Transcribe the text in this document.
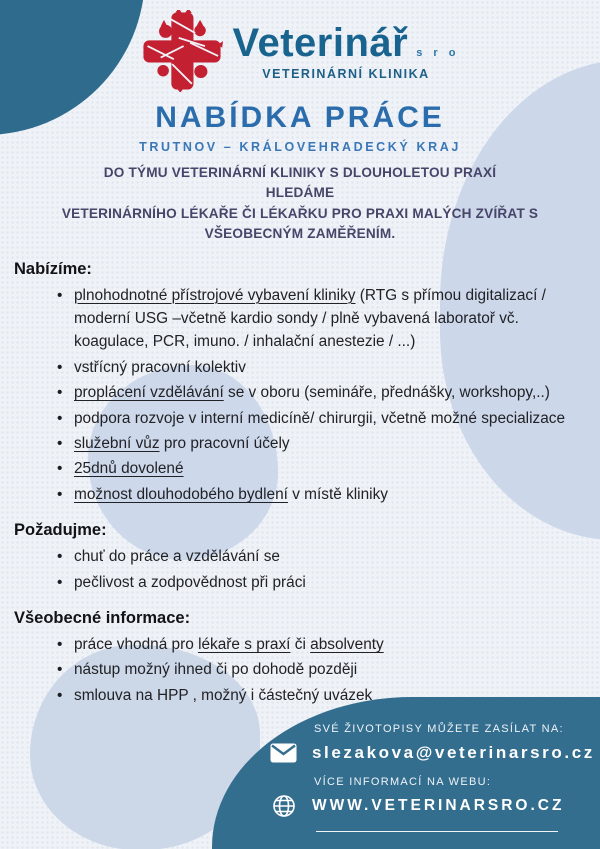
Veterinář s r o
VETERINÁRNÍ KLINIKA
NABÍDKA PRÁCE
TRUTNOV – KRÁLOVEHRADECKÝ KRAJ
DO TÝMU VETERINÁRNÍ KLINIKY S DLOUHOLETOU PRAXÍ
HLEDÁME
VETERINÁRNÍHO LÉKAŘE ČI LÉKAŘKU PRO PRAXI MALÝCH ZVÍŘAT S
VŠEOBECNÝM ZAMĚŘENÍM.
Nabízíme:
• plnohodnotné přístrojové vybavení kliniky (RTG s přímou digitalizací / moderní USG –včetně kardio sondy / plně vybavená laboratoř vč. koagulace, PCR, imuno. / inhalační anestezie / ...)
• vstřícný pracovní kolektiv
• proplácení vzdělávání se v oboru (semináře, přednášky, workshopy,..)
• podpora rozvoje v interní medicíně/ chirurgii, včetně možné specializace
• služební vůz pro pracovní účely
• 25dnů dovolené
• možnost dlouhodobého bydlení v místě kliniky
Požadujme:
• chuť do práce a vzdělávání se
• pečlivost a zodpovědnost při práci
Všeobecné informace:
• práce vhodná pro lékaře s praxí či absolventy
• nástup možný ihned či po dohodě později
• smlouva na HPP , možný i částečný uvázek
SVÉ ŽIVOTOPISY MŮŽETE ZASÍLAT NA:
slezakova@veterinarsro.cz
VÍCE INFORMACÍ NA WEBU:
WWW.VETERINARSRO.CZ
